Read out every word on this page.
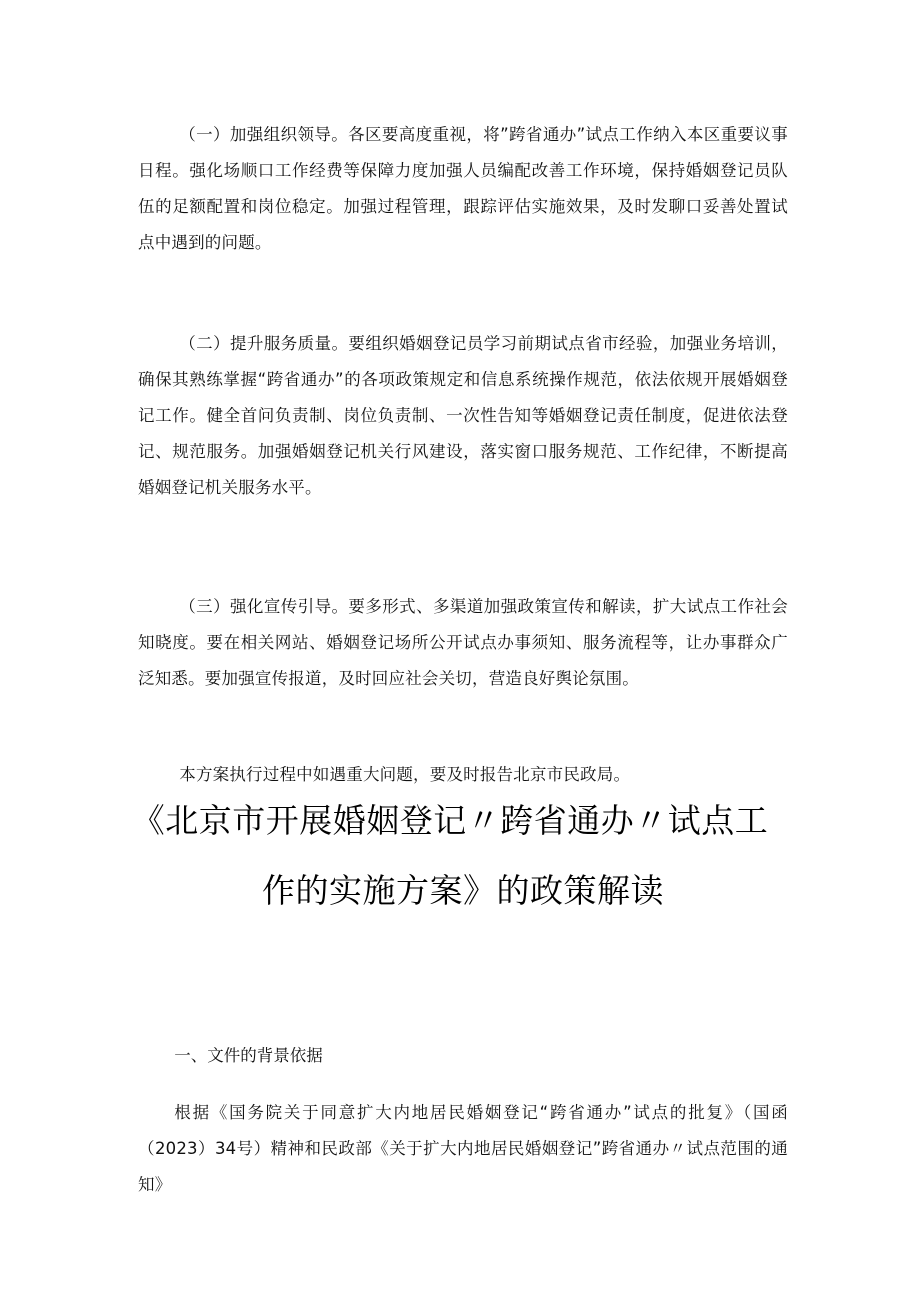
（一）加强组织领导。各区要高度重视，将”跨省通办”试点工作纳入本区重要议事日程。强化场顺口工作经费等保障力度加强人员编配改善工作环境，保持婚姻登记员队伍的足额配置和岗位稳定。加强过程管理，跟踪评估实施效果，及时发聊口妥善处置试点中遇到的问题。

（二）提升服务质量。要组织婚姻登记员学习前期试点省市经验，加强业务培训，确保其熟练掌握“跨省通办”的各项政策规定和信息系统操作规范，依法依规开展婚姻登记工作。健全首问负责制、岗位负责制、一次性告知等婚姻登记责任制度，促进依法登记、规范服务。加强婚姻登记机关行风建设，落实窗口服务规范、工作纪律，不断提高婚姻登记机关服务水平。

（三）强化宣传引导。要多形式、多渠道加强政策宣传和解读，扩大试点工作社会知晓度。要在相关网站、婚姻登记场所公开试点办事须知、服务流程等，让办事群众广泛知悉。要加强宣传报道，及时回应社会关切，营造良好舆论氛围。

本方案执行过程中如遇重大问题，要及时报告北京市民政局。

《北京市开展婚姻登记〃跨省通办〃试点工
作的实施方案》的政策解读

一、文件的背景依据

根据《国务院关于同意扩大内地居民婚姻登记“跨省通办”试点的批复》（国函（2023）34号）精神和民政部《关于扩大内地居民婚姻登记”跨省通办〃试点范围的通知》
